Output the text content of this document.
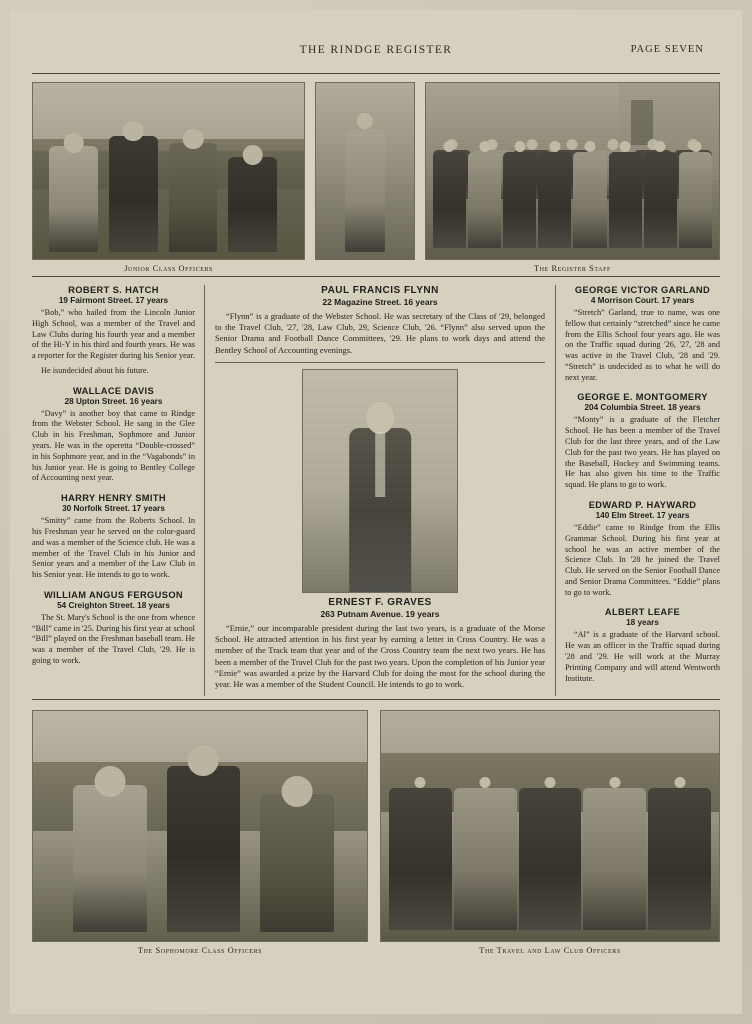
THE RINDGE REGISTER	PAGE SEVEN
Junior Class Officers
	The Register Staff
ROBERT S. HATCH
19 Fairmont Street. 17 years

“Bob,” who hailed from the Lincoln Junior High School, was a member of the Travel and Law Clubs during his fourth year and a member of the Hi-Y in his third and fourth years. He was a reporter for the Register during his Senior year.

He isundecided about his future.

WALLACE DAVIS
28 Upton Street. 16 years

“Davy” is another boy that came to Rindge from the Webster School. He sang in the Glee Club in his Freshman, Sophmore and Junior years. He was in the operetta “Double-crossed” in his Sophmore year, and in the “Vagabonds” in his Junior year. He is going to Bentley College of Accounting next year.

HARRY HENRY SMITH
30 Norfolk Street. 17 years

“Smitty” came from the Roberts School. In his Freshman year he served on the color-guard and was a member of the Science club. He was a member of the Travel Club in his Junior and Senior years and a member of the Law Club in his Senior year. He intends to go to work.

WILLIAM ANGUS FERGUSON
54 Creighton Street. 18 years

The St. Mary's School is the one from whence “Bill” came in '25. During his first year at school “Bill” played on the Freshman baseball team. He was a member of the Travel Club, '29. He is going to work.

PAUL FRANCIS FLYNN
22 Magazine Street. 16 years

“Flynn” is a graduate of the Webster School. He was secretary of the Class of '29, belonged to the Travel Club, '27, '28, Law Club, 29, Science Club, '26. “Flynn” also served upon the Senior Drama and Football Dance Committees, '29. He plans to work days and attend the Bentley School of Accounting evenings.

ERNEST F. GRAVES
263 Putnam Avenue. 19 years

“Ernie,” our incomparable president during the last two years, is a graduate of the Morse School. He attracted attention in his first year by earning a letter in Cross Country. He was a member of the Track team that year and of the Cross Country team the next two years. He has been a member of the Travel Club for the past two years. Upon the completion of his Junior year “Ernie” was awarded a prize by the Harvard Club for doing the most for the school during the year. He was a member of the Student Council. He intends to go to work.

GEORGE VICTOR GARLAND
4 Morrison Court. 17 years

“Stretch” Garland, true to name, was one fellow that certainly “stretched” since he came from the Ellis School four years ago. He was on the Traffic squad during '26, '27, '28 and was active in the Travel Club, '28 and '29. “Stretch” is undecided as to what he will do next year.

GEORGE E. MONTGOMERY
204 Columbia Street. 18 years

“Monty” is a graduate of the Fletcher School. He has been a member of the Travel Club for the last three years, and of the Law Club for the past two years. He has played on the Baseball, Hockey and Swimming teams. He has also given his time to the Traffic squad. He plans to go to work.

EDWARD P. HAYWARD
140 Elm Street. 17 years

“Eddie” came to Rindge from the Ellis Grammar School. During his first year at school he was an active member of the Science Club. In '28 he joined the Travel Club. He served on the Senior Football Dance and Senior Drama Committees. “Eddie” plans to go to work.

ALBERT LEAFE
18 years

“Al” is a graduate of the Harvard school. He was an officer in the Traffic squad during '28 and '29. He will work at the Murray Printing Company and will attend Wentworth Institute.

The Sophomore Class Officers	The Travel and Law Club Officers
